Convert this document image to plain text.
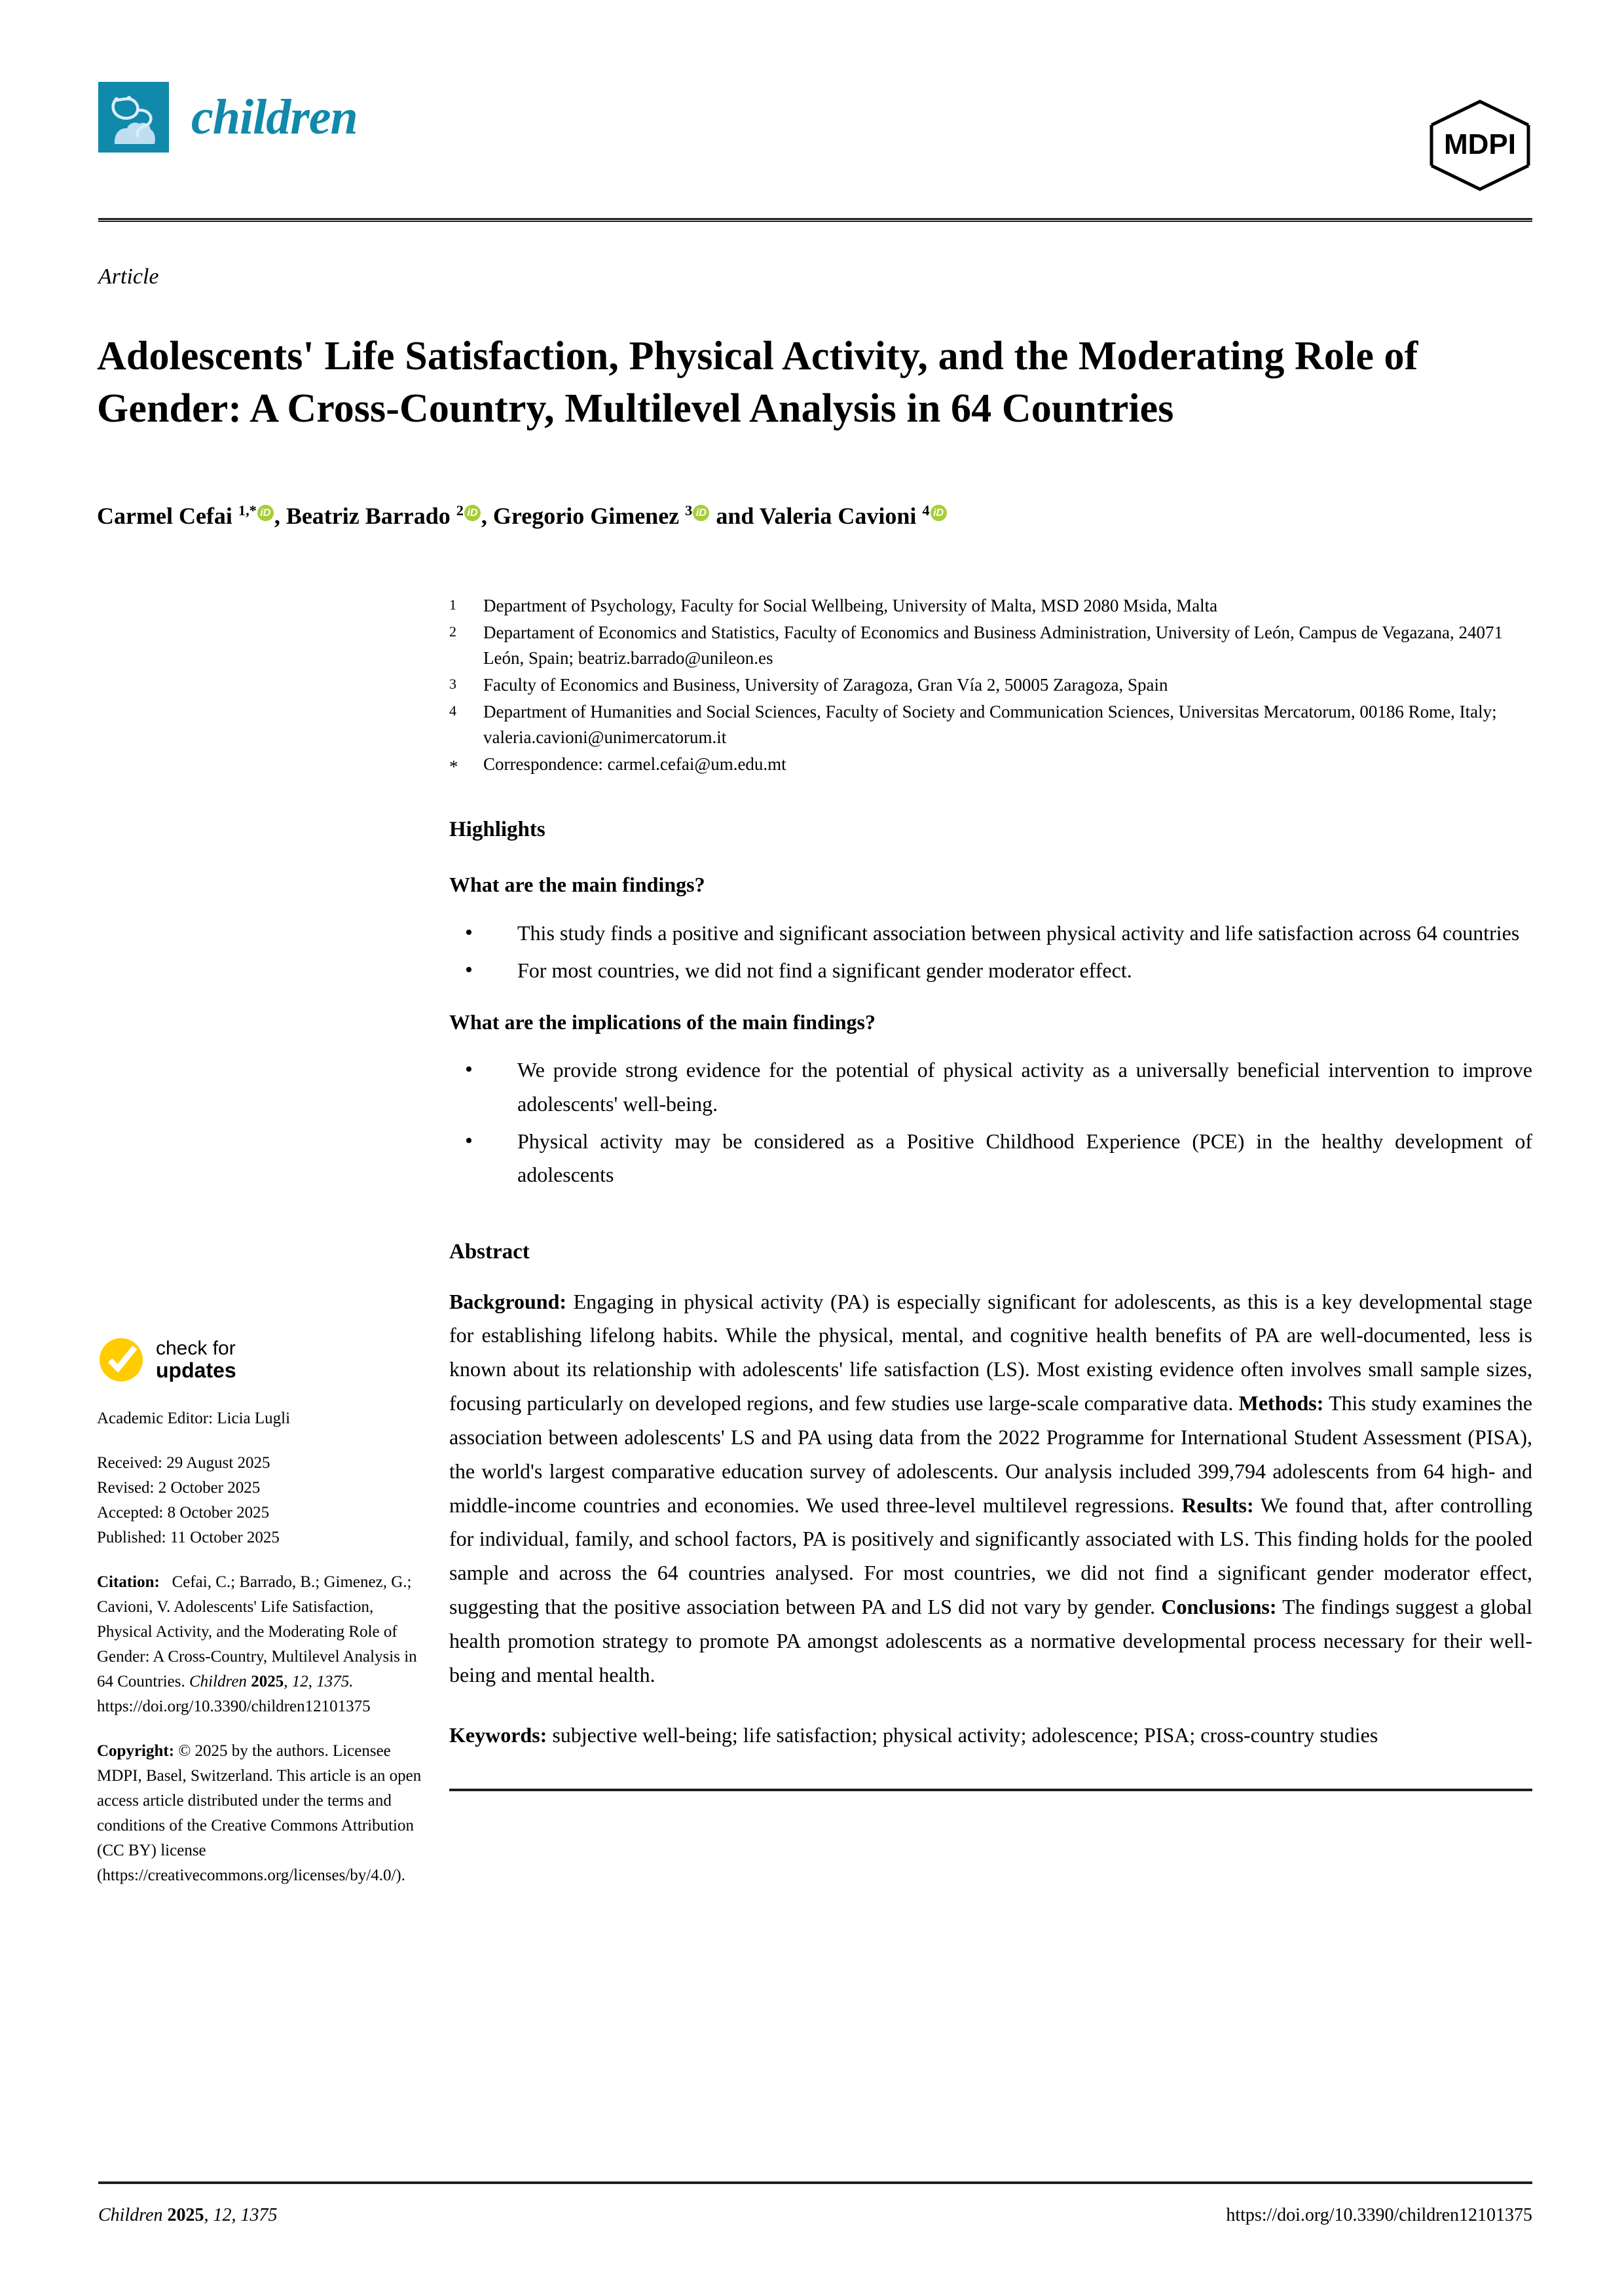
children	MDPI
Article
Adolescents' Life Satisfaction, Physical Activity, and the Moderating Role of Gender: A Cross-Country, Multilevel Analysis in 64 Countries
Carmel Cefai $^{1,*}$ iD , Beatriz Barrado $^2$ iD , Gregorio Gimenez $^3$ iD and Valeria Cavioni $^4$ iD
check for
updates

Academic Editor: Licia Lugli

Received: 29 August 2025

Revised: 2 October 2025

Accepted: 8 October 2025

Published: 11 October 2025

Citation: Cefai, C.; Barrado, B.; Gimenez, G.; Cavioni, V. Adolescents' Life Satisfaction, Physical Activity, and the Moderating Role of Gender: A Cross-Country, Multilevel Analysis in 64 Countries. Children 2025, 12, 1375. https://doi.org/10.3390/children12101375

Copyright: © 2025 by the authors. Licensee MDPI, Basel, Switzerland. This article is an open access article distributed under the terms and conditions of the Creative Commons Attribution (CC BY) license (https://creativecommons.org/licenses/by/4.0/).

1	Department of Psychology, Faculty for Social Wellbeing, University of Malta, MSD 2080 Msida, Malta
2	Departament of Economics and Statistics, Faculty of Economics and Business Administration, University of León, Campus de Vegazana, 24071 León, Spain; beatriz.barrado@unileon.es
3	Faculty of Economics and Business, University of Zaragoza, Gran Vía 2, 50005 Zaragoza, Spain
4	Department of Humanities and Social Sciences, Faculty of Society and Communication Sciences, Universitas Mercatorum, 00186 Rome, Italy; valeria.cavioni@unimercatorum.it
*	Correspondence: carmel.cefai@um.edu.mt
Highlights
What are the main findings?
• This study finds a positive and significant association between physical activity and life satisfaction across 64 countries
• For most countries, we did not find a significant gender moderator effect.
What are the implications of the main findings?
• We provide strong evidence for the potential of physical activity as a universally beneficial intervention to improve adolescents' well-being.
• Physical activity may be considered as a Positive Childhood Experience (PCE) in the healthy development of adolescents
Abstract
Background: Engaging in physical activity (PA) is especially significant for adolescents, as this is a key developmental stage for establishing lifelong habits. While the physical, mental, and cognitive health benefits of PA are well-documented, less is known about its relationship with adolescents' life satisfaction (LS). Most existing evidence often involves small sample sizes, focusing particularly on developed regions, and few studies use large-scale comparative data. Methods: This study examines the association between adolescents' LS and PA using data from the 2022 Programme for International Student Assessment (PISA), the world's largest comparative education survey of adolescents. Our analysis included 399,794 adolescents from 64 high- and middle-income countries and economies. We used three-level multilevel regressions. Results: We found that, after controlling for individual, family, and school factors, PA is positively and significantly associated with LS. This finding holds for the pooled sample and across the 64 countries analysed. For most countries, we did not find a significant gender moderator effect, suggesting that the positive association between PA and LS did not vary by gender. Conclusions: The findings suggest a global health promotion strategy to promote PA amongst adolescents as a normative developmental process necessary for their well-being and mental health.
Keywords: subjective well-being; life satisfaction; physical activity; adolescence; PISA; cross-country studies
Children 2025, 12, 1375	https://doi.org/10.3390/children12101375
